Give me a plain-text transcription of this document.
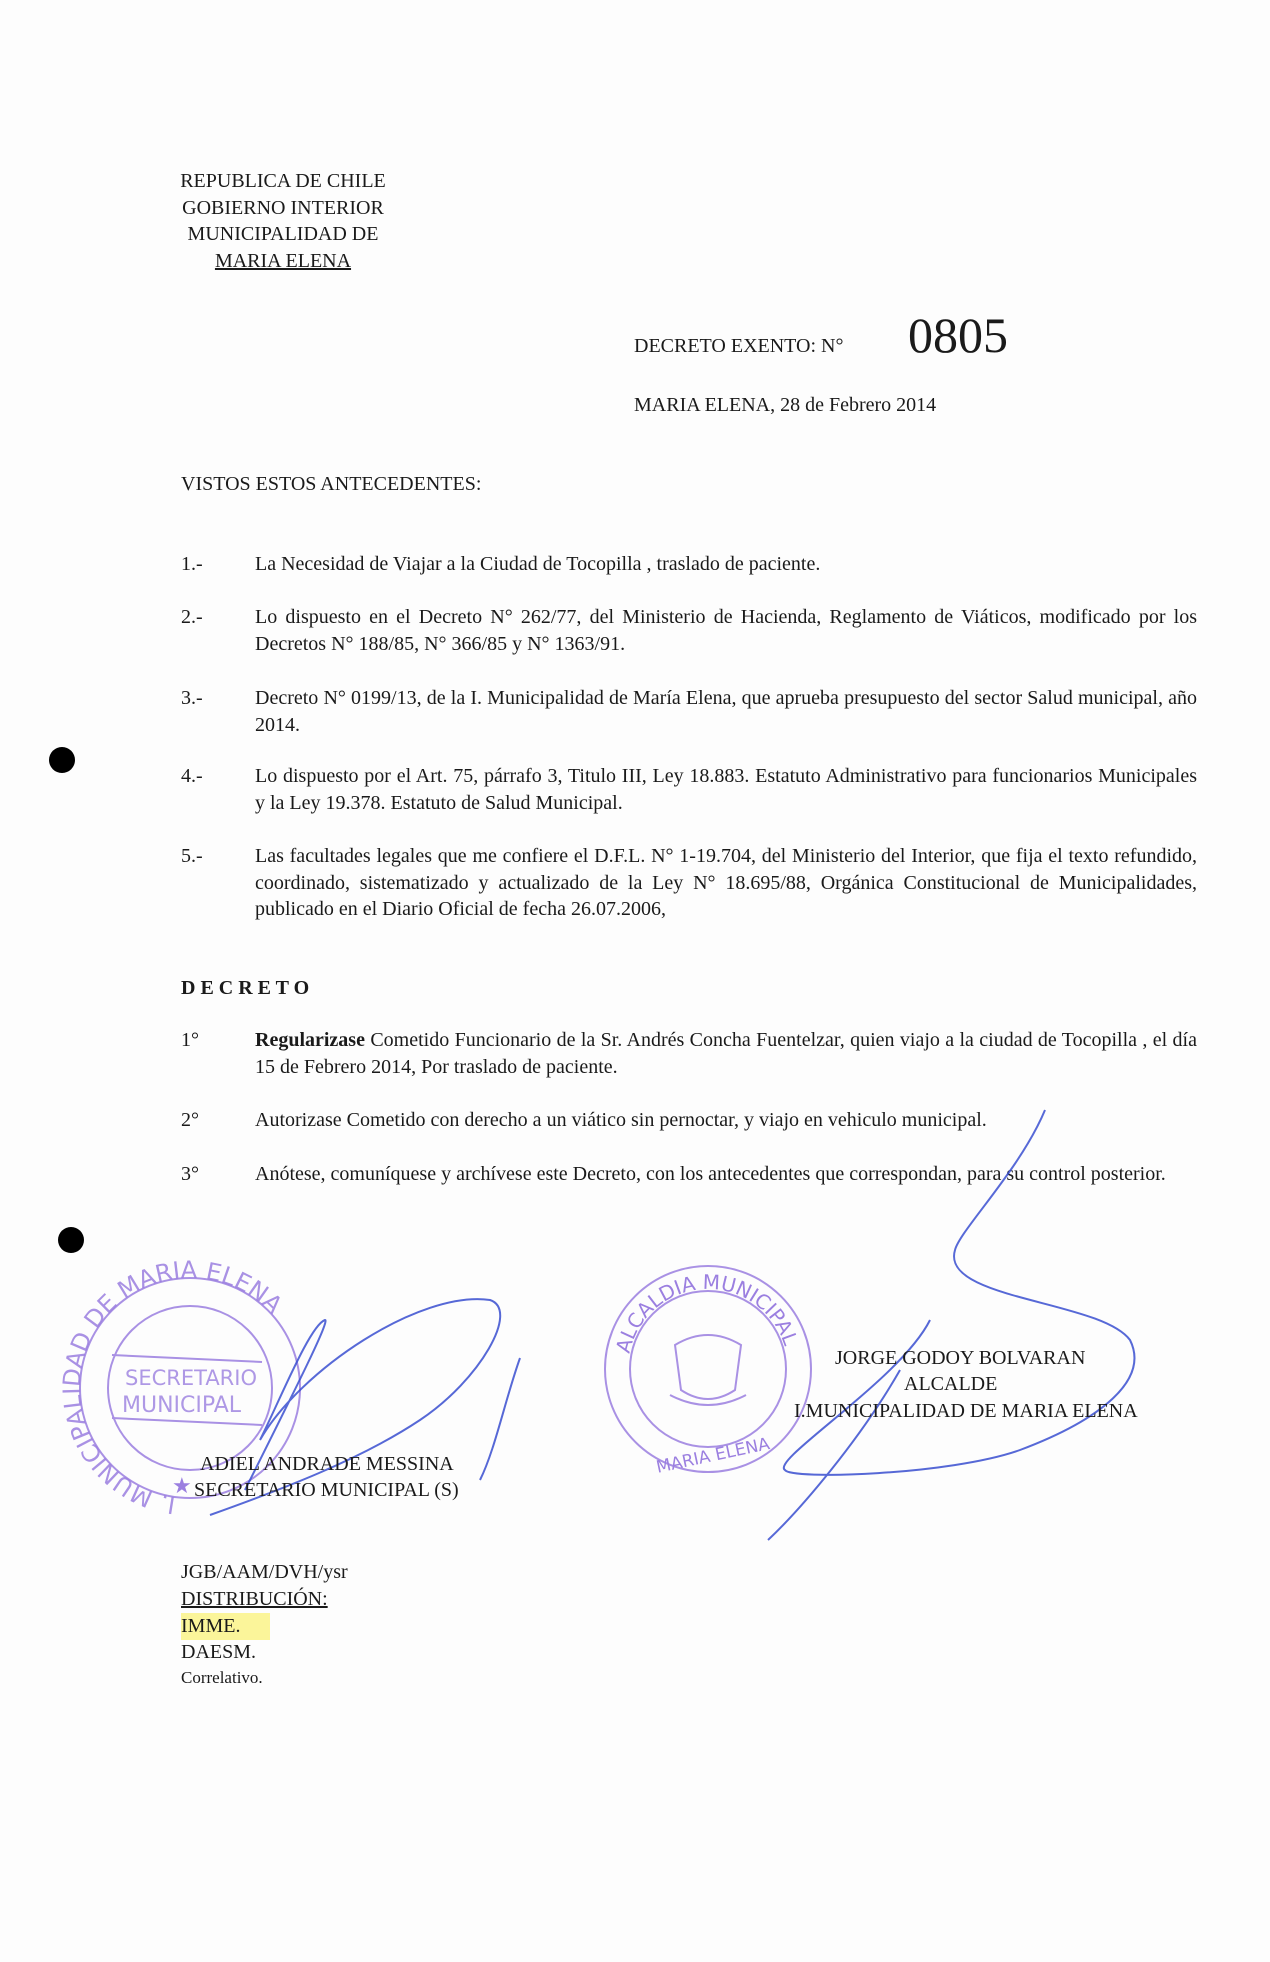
REPUBLICA DE CHILE
GOBIERNO INTERIOR
MUNICIPALIDAD DE
MARIA ELENA
DECRETO EXENTO: N° 0805
MARIA ELENA, 28 de Febrero 2014
VISTOS ESTOS ANTECEDENTES:
1.-	La Necesidad de Viajar a la Ciudad de Tocopilla , traslado de paciente.
2.-	Lo dispuesto en el Decreto N° 262/77, del Ministerio de Hacienda, Reglamento de Viáticos, modificado por los Decretos N° 188/85, N° 366/85 y N° 1363/91.
3.-	Decreto N° 0199/13, de la I. Municipalidad de María Elena, que aprueba presupuesto del sector Salud municipal, año 2014.
4.-	Lo dispuesto por el Art. 75, párrafo 3, Titulo III, Ley 18.883. Estatuto Administrativo para funcionarios Municipales y la Ley 19.378. Estatuto de Salud Municipal.
5.-	Las facultades legales que me confiere el D.F.L. N° 1-19.704, del Ministerio del Interior, que fija el texto refundido, coordinado, sistematizado y actualizado de la Ley N° 18.695/88, Orgánica Constitucional de Municipalidades, publicado en el Diario Oficial de fecha 26.07.2006,
D E C R E T O
1°	Regularizase Cometido Funcionario de la Sr. Andrés Concha Fuentelzar, quien viajo a la ciudad de Tocopilla , el día 15 de Febrero 2014, Por traslado de paciente.
2°	Autorizase Cometido con derecho a un viático sin pernoctar, y viajo en vehiculo municipal.
3°	Anótese, comuníquese y archívese este Decreto, con los antecedentes que correspondan, para su control posterior.
I. MUNICIPALIDAD DE MARIA ELENA
SECRETARIO
MUNICIPAL
★
ALCALDIA MUNICIPAL
MARIA ELENA
ADIEL ANDRADE MESSINA
SECRETARIO MUNICIPAL (S)
JORGE GODOY BOLVARAN
ALCALDE
I.MUNICIPALIDAD DE MARIA ELENA
JGB/AAM/DVH/ysr
DISTRIBUCIÓN:
IMME.
DAESM.
Correlativo.
